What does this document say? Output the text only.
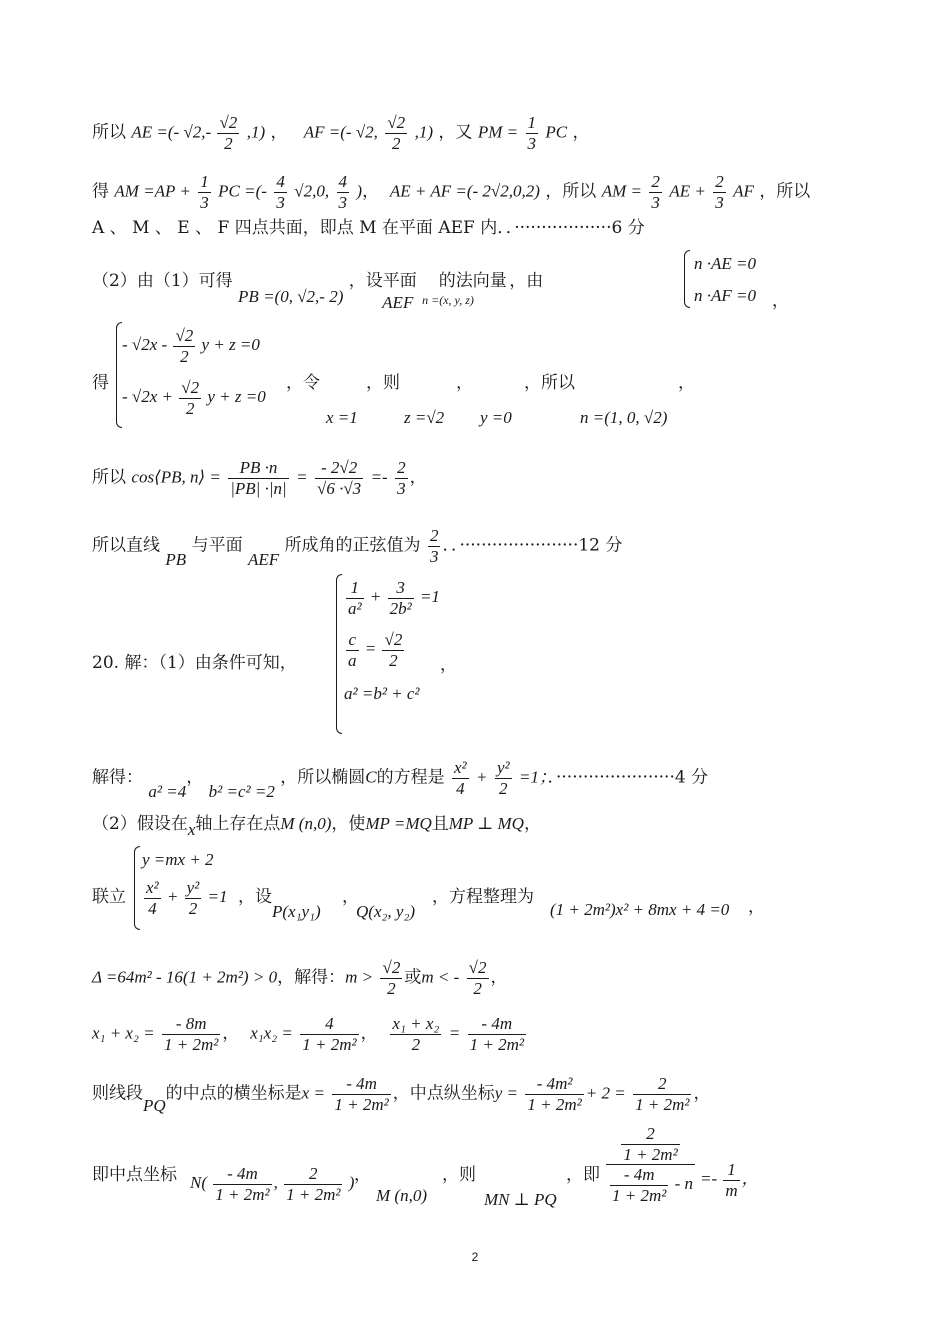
所以 AE =(- $√2,- \frac{√2}{2} ,1$) ， AF =(- √2, $\frac{√2}{2} ,1$) ，又 PM = $\frac{1}{3}$ PC ，
得 AM $=AP + \frac{1}{3}$ PC =(- $\frac{4}{3} √2,0$, $\frac{4}{3}$ )，  AE + AF =(- 2√2,0,2) ，所以 AM = $\frac{2}{3}$ AE + $\frac{2}{3}$ AF ，所以
A 、 M 、 E 、 F 四点共面，即点 M 在平面 AEF 内．．··················6 分
（2）由（1）可得 PB =(0, √2,- 2) ，设平面 AEF 的法向量 $_{n =(x, y, z)}$ ，由
n ·AE =0
n ·AF =0 ，
得
- $√2x - \frac{√2}{2}$ y + z =0
- $√2x + \frac{√2}{2}$ y + z =0
，令	，则	，	，所以	，
x =1	z =√2 y =0	n =(1, 0, √2)
所以 cos⟨PB, n⟩ = $\frac{PB \cdot n}{|PB| \cdot|n|} = \frac{- 2√2}{√6 \cdot√3} =- \frac{2}{3}$ ，
所以直线 PB 与平面 AEF 所成角的正弦值为 $\frac{2}{3}$ ．．······················12 分
20. 解：（1）由条件可知，
$\frac{1}{\text{a²}} + \frac{3}{\text{2b²}} =1$
$\frac{c}{a} = \frac{√2}{2}$
a² =b² + c²
，
解得： a² =4， b² =c² =2 ，所以椭圆C的方程是 $\frac{\text{x²}}{4} + \frac{\text{y²}}{2} =1$；．······················4 分
（2）假设在x轴上存在点M (n,0)，使MP =MQ且MP ⊥ MQ，
联立
y =mx + 2
$\frac{\text{x²}}{4} + \frac{\text{y²}}{2} =1$ ，设
P(x₁y₁) Q(x₂, y₂)
，	，方程整理为
(1 + 2m²)x² + 8mx + 4 =0 ，
Δ =64m² - 16(1 + 2m²) > 0，解得：$m > \frac{√2}{2}$ 或m < - $\frac{√2}{2}$ ，
$x_1 + x_2 = \frac{- 8m}{\text{1 + 2m²}}$ ，  $x_1x_2 = \frac{4}{\text{1 + 2m²}}$ ， $\frac{\text{x₁ + x₂}}{2} = \frac{- 4m}{\text{1 + 2m²}}$
则线段PQ的中点的横坐标是$x = \frac{- 4m}{\text{1 + 2m²}}$ ，中点纵坐标$y = \frac{\text{- 4m²}}{\text{1 + 2m²}} + 2 = \frac{2}{\text{1 + 2m²}}$ ，
即中点坐标 $N( \frac{- 4m}{\text{1 + 2m²}}$ , $\frac{2}{\text{1 + 2m²}}$ ) ，
M (n,0)
，则
MN ⊥ PQ
，即 $\frac{\frac{2}{\text{1 + 2m²}}}{\frac{- 4m}{\text{1 + 2m²}} - n} =- \frac{1}{m}$ ，
2
